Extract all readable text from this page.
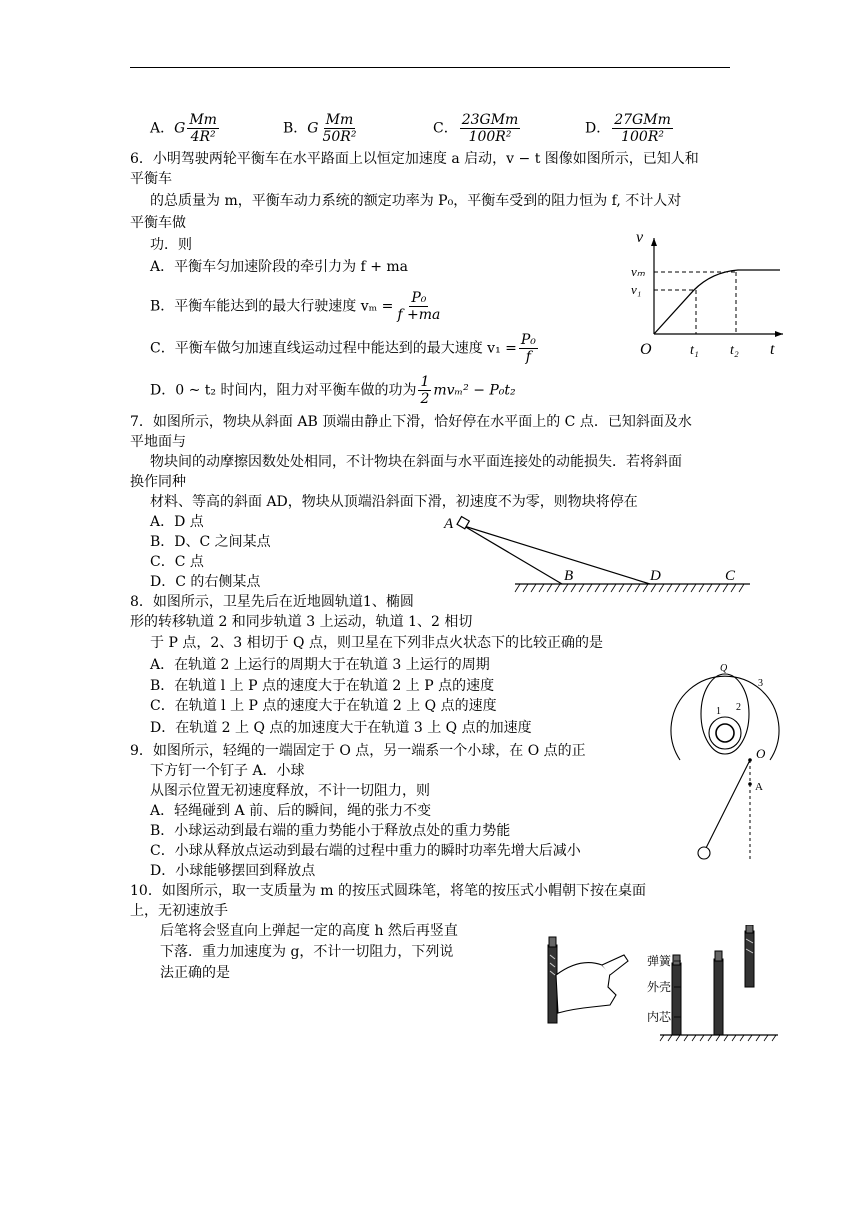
A．G $\frac{Mm}{\text{4R²}}$	B．G $\frac{Mm}{\text{50R²}}$	C． $\frac{\text{23GMm}}{\text{100R²}}$	D． $\frac{\text{27GMm}}{\text{100R²}}$
6．小明驾驶两轮平衡车在水平路面上以恒定加速度 a 启动，v − t 图像如图所示，已知人和
平衡车
的总质量为 m，平衡车动力系统的额定功率为 P₀，平衡车受到的阻力恒为 f, 不计人对
平衡车做
功．则
A．平衡车匀加速阶段的牵引力为 f + ma
B．平衡车能达到的最大行驶速度 $v_m = \frac{\text{P₀}}{f +ma}$
C．平衡车做匀加速直线运动过程中能达到的最大速度 $v_1 = \frac{\text{P₀}}{f}$
D．0 ~ t₂ 时间内，阻力对平衡车做的功为 $\frac{1}{2} mv_m^2 - P_0t_2$
v
vₘ
v₁
O	t₁ t₂ t
7．如图所示，物块从斜面 AB 顶端由静止下滑，恰好停在水平面上的 C 点．已知斜面及水
平地面与
物块间的动摩擦因数处处相同，不计物块在斜面与水平面连接处的动能损失．若将斜面
换作同种
材料、等高的斜面 AD，物块从顶端沿斜面下滑，初速度不为零，则物块将停在
A．D 点
B．D、C 之间某点
C．C 点
D．C 的右侧某点
A
B	D	C
8．如图所示，卫星先后在近地圆轨道1、椭圆
形的转移轨道 2 和同步轨道 3 上运动，轨道 1、2 相切
于 P 点，2、3 相切于 Q 点，则卫星在下列非点火状态下的比较正确的是
A．在轨道 2 上运行的周期大于在轨道 3 上运行的周期
B．在轨道 l 上 P 点的速度大于在轨道 2 上 P 点的速度
C．在轨道 l 上 P 点的速度大于在轨道 2 上 Q 点的速度
D．在轨道 2 上 Q 点的加速度大于在轨道 3 上 Q 点的加速度
Q
1 2
3
9．如图所示，轻绳的一端固定于 O 点，另一端系一个小球，在 O 点的正
下方钉一个钉子 A．小球
从图示位置无初速度释放，不计一切阻力，则
A．轻绳碰到 A 前、后的瞬间，绳的张力不变
B．小球运动到最右端的重力势能小于释放点处的重力势能
C．小球从释放点运动到最右端的过程中重力的瞬时功率先增大后减小
D．小球能够摆回到释放点
O
A
10．如图所示，取一支质量为 m 的按压式圆珠笔，将笔的按压式小帽朝下按在桌面
上，无初速放手
后笔将会竖直向上弹起一定的高度 h 然后再竖直
下落．重力加速度为 g，不计一切阻力，下列说
法正确的是
弹簧
外壳
内芯
